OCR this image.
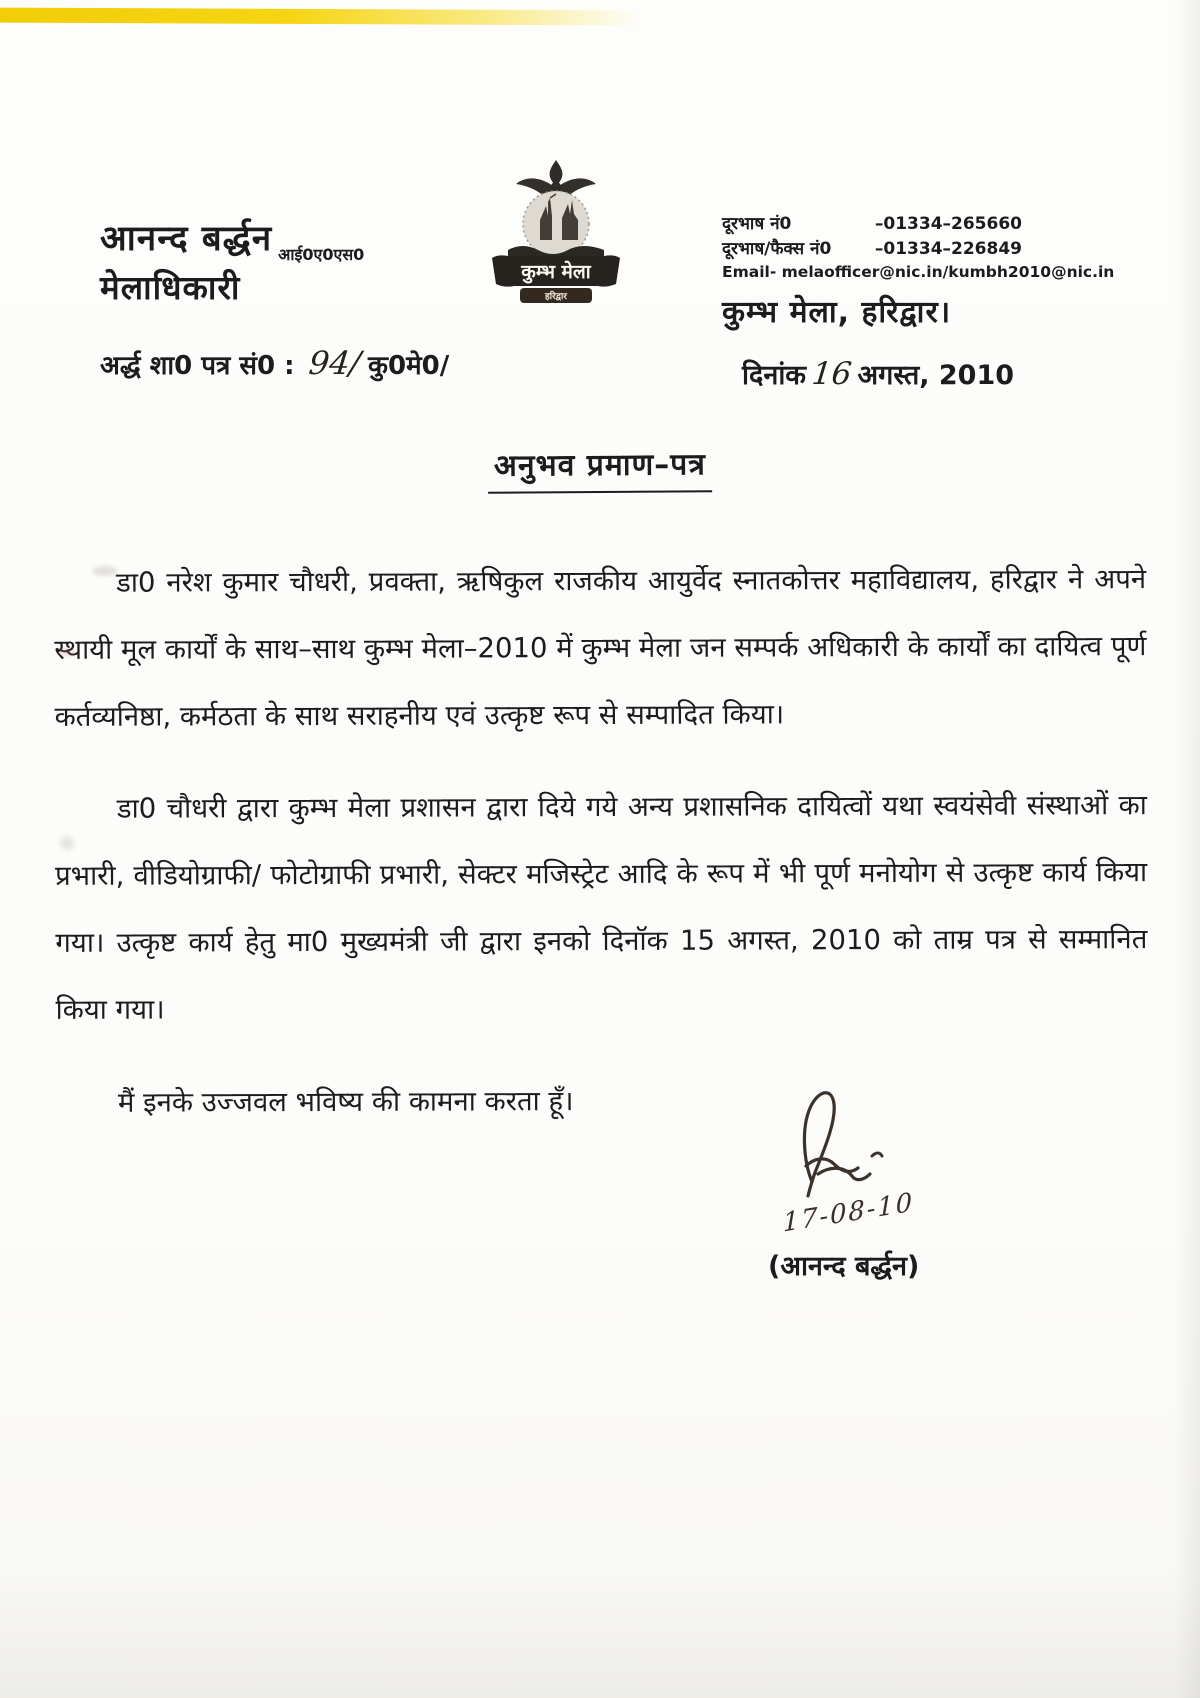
आनन्द बर्द्धन आई0ए0एस0
मेलाधिकारी
अर्द्ध शा0 पत्र सं0 : 94/ कु0मे0/
कुम्भ मेला
हरिद्वार
दूरभाष नं0	–01334–265660
दूरभाष/फैक्स नं0	–01334–226849
Email- melaofficer@nic.in/kumbh2010@nic.in
कुम्भ मेला, हरिद्वार।
दिनांक 16 अगस्त, 2010
अनुभव प्रमाण–पत्र

डा0 नरेश कुमार चौधरी, प्रवक्ता, ऋषिकुल राजकीय आयुर्वेद स्नातकोत्तर महाविद्यालय, हरिद्वार ने अपने स्थायी मूल कार्यों के साथ–साथ कुम्भ मेला–2010 में कुम्भ मेला जन सम्पर्क अधिकारी के कार्यों का दायित्व पूर्ण कर्तव्यनिष्ठा, कर्मठता के साथ सराहनीय एवं उत्कृष्ट रूप से सम्पादित किया।

डा0 चौधरी द्वारा कुम्भ मेला प्रशासन द्वारा दिये गये अन्य प्रशासनिक दायित्वों यथा स्वयंसेवी संस्थाओं का प्रभारी, वीडियोग्राफी/ फोटोग्राफी प्रभारी, सेक्टर मजिस्ट्रेट आदि के रूप में भी पूर्ण मनोयोग से उत्कृष्ट कार्य किया गया। उत्कृष्ट कार्य हेतु मा0 मुख्यमंत्री जी द्वारा इनको दिनॉक 15 अगस्त, 2010 को ताम्र पत्र से सम्मानित किया गया।

मैं इनके उज्जवल भविष्य की कामना करता हूँ।

17-08-10
(आनन्द बर्द्धन)
